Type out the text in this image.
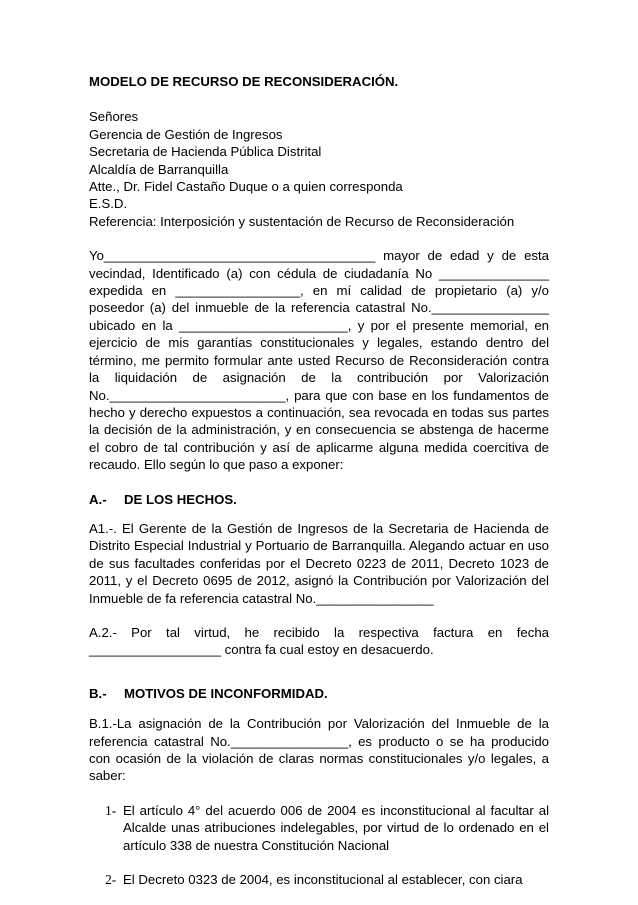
MODELO DE RECURSO DE RECONSIDERACIÓN.
Señores
Gerencia de Gestión de Ingresos
Secretaria de Hacienda Pública Distrital
Alcaldía de Barranquilla
Atte., Dr. Fidel Castaño Duque o a quien corresponda
E.S.D.
Referencia: Interposición y sustentación de Recurso de Reconsideración
Yo_____________________________________ mayor de edad y de esta vecindad, Identificado (a) con cédula de ciudadanía No _______________ expedida en _________________, en mí calidad de propietario (a) y/o poseedor (a) del inmueble de la referencia catastral No.________________ ubicado en la _______________________, y por el presente memorial, en ejercicio de mis garantías constitucionales y legales, estando dentro del término, me permito formular ante usted Recurso de Reconsideración contra la liquidación de asignación de la contribución por Valorización No.________________________, para que con base en los fundamentos de hecho y derecho expuestos a continuación, sea revocada en todas sus partes la decisión de la administración, y en consecuencia se abstenga de hacerme el cobro de tal contribución y así de aplicarme alguna medida coercitiva de recaudo. Ello según lo que paso a exponer:
A.- DE LOS HECHOS.
A1.-. El Gerente de la Gestión de Ingresos de la Secretaria de Hacienda de Distrito Especial Industrial y Portuario de Barranquilla. Alegando actuar en uso de sus facultades conferidas por el Decreto 0223 de 2011, Decreto 1023 de 2011, y el Decreto 0695 de 2012, asignó la Contribución por Valorización del Inmueble de fa referencia catastral No.________________
A.2.- Por tal virtud, he recibido la respectiva factura en fecha __________________ contra fa cual estoy en desacuerdo.
B.- MOTIVOS DE INCONFORMIDAD.
B.1.-La asignación de la Contribución por Valorización del Inmueble de la referencia catastral No.________________, es producto o se ha producido con ocasión de la violación de claras normas constitucionales y/o legales, a saber:
1- El artículo 4° del acuerdo 006 de 2004 es inconstitucional al facultar al Alcalde unas atribuciones indelegables, por virtud de lo ordenado en el artículo 338 de nuestra Constitución Nacional
2- El Decreto 0323 de 2004, es inconstitucional al establecer, con ciara
